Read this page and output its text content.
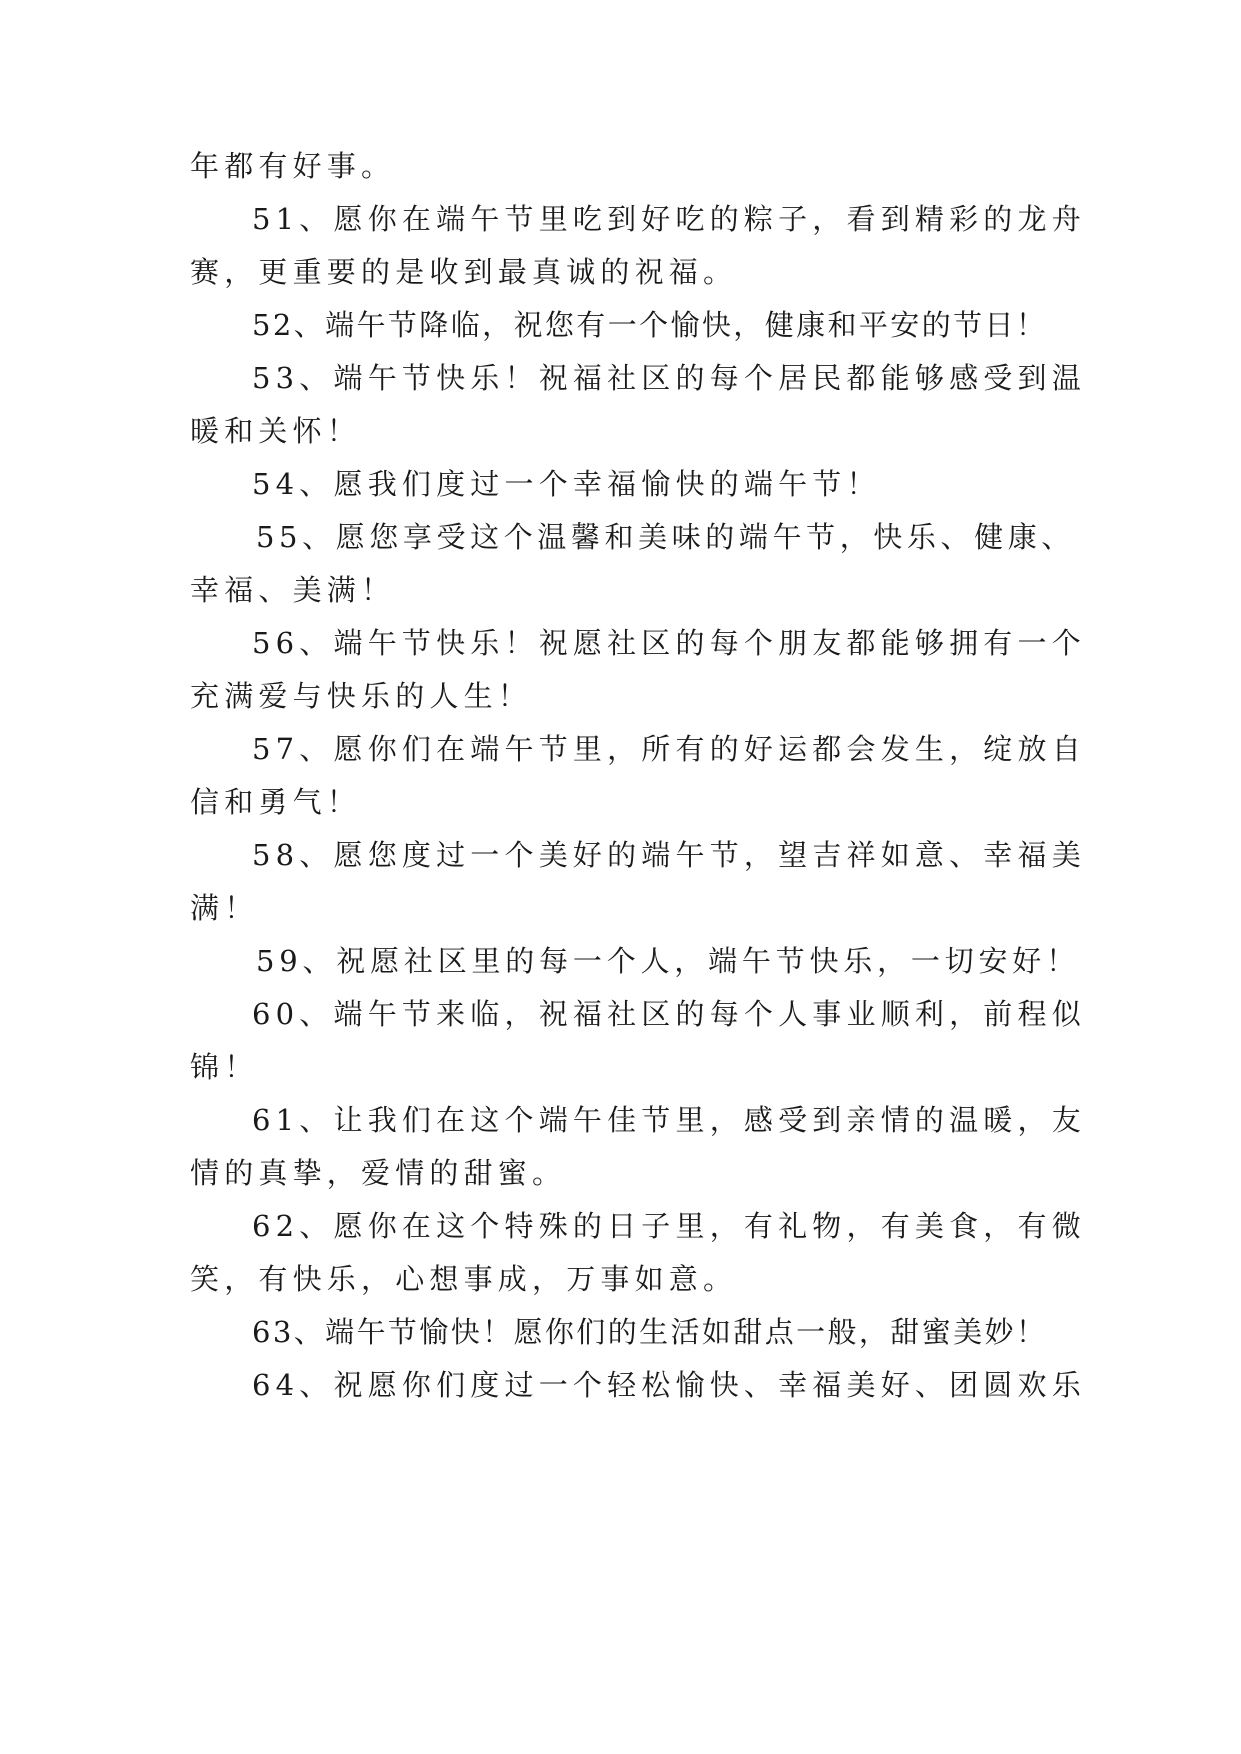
年都有好事。
51、愿你在端午节里吃到好吃的粽子，看到精彩的龙舟
赛，更重要的是收到最真诚的祝福。
52、端午节降临，祝您有一个愉快，健康和平安的节日！
53、端午节快乐！祝福社区的每个居民都能够感受到温
暖和关怀！
54、愿我们度过一个幸福愉快的端午节！
55、愿您享受这个温馨和美味的端午节，快乐、健康、
幸福、美满！
56、端午节快乐！祝愿社区的每个朋友都能够拥有一个
充满爱与快乐的人生！
57、愿你们在端午节里，所有的好运都会发生，绽放自
信和勇气！
58、愿您度过一个美好的端午节，望吉祥如意、幸福美
满！
59、祝愿社区里的每一个人，端午节快乐，一切安好！
60、端午节来临，祝福社区的每个人事业顺利，前程似
锦！
61、让我们在这个端午佳节里，感受到亲情的温暖，友
情的真挚，爱情的甜蜜。
62、愿你在这个特殊的日子里，有礼物，有美食，有微
笑，有快乐，心想事成，万事如意。
63、端午节愉快！愿你们的生活如甜点一般，甜蜜美妙！
64、祝愿你们度过一个轻松愉快、幸福美好、团圆欢乐
